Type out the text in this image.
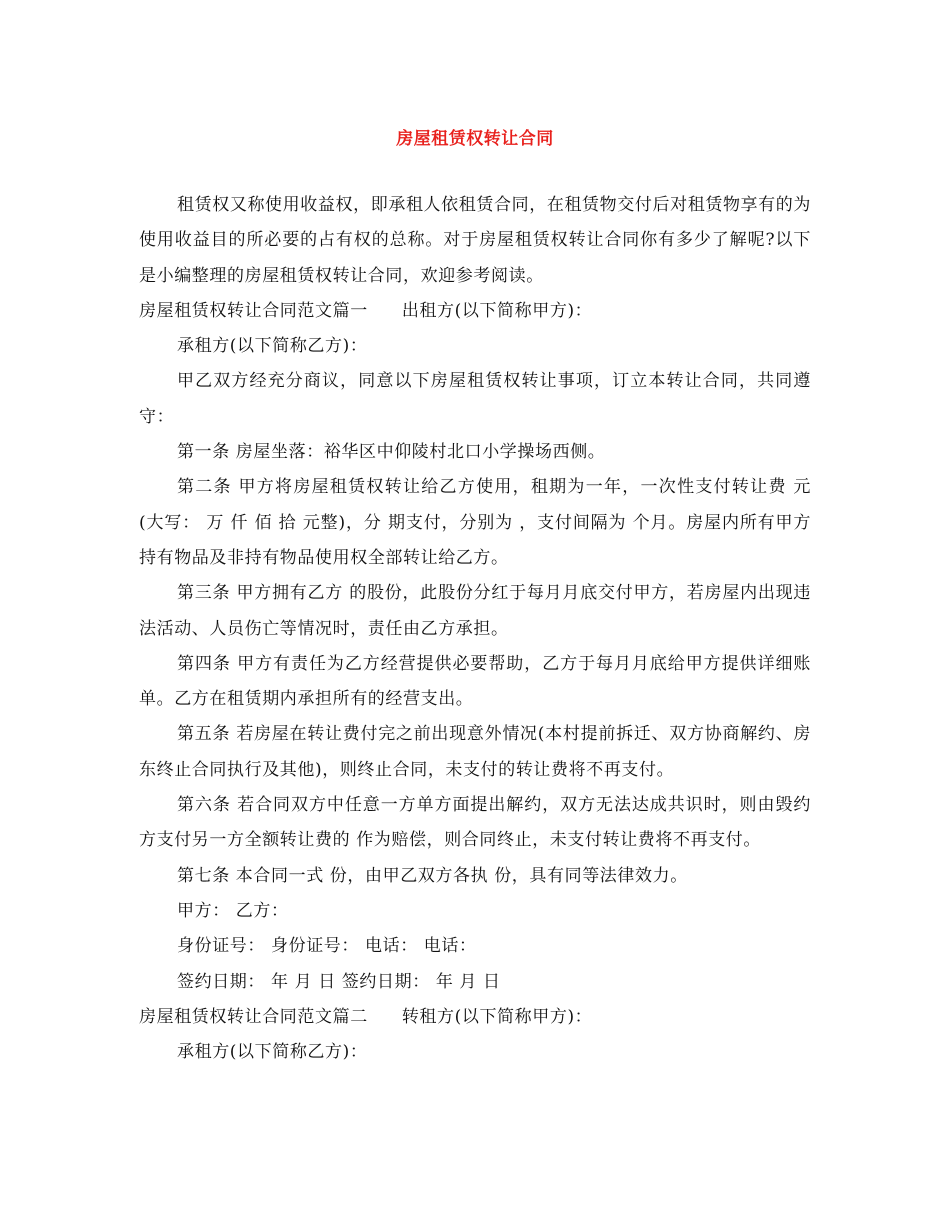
房屋租赁权转让合同

租赁权又称使用收益权，即承租人依租赁合同，在租赁物交付后对租赁物享有的为使用收益目的所必要的占有权的总称。对于房屋租赁权转让合同你有多少了解呢?以下是小编整理的房屋租赁权转让合同，欢迎参考阅读。

房屋租赁权转让合同范文篇一 出租方(以下简称甲方)：

承租方(以下简称乙方)：

甲乙双方经充分商议，同意以下房屋租赁权转让事项，订立本转让合同，共同遵守：

第一条 房屋坐落：裕华区中仰陵村北口小学操场西侧。

第二条 甲方将房屋租赁权转让给乙方使用，租期为一年，一次性支付转让费 元(大写： 万 仟 佰 拾 元整)，分 期支付，分别为 ，支付间隔为 个月。房屋内所有甲方持有物品及非持有物品使用权全部转让给乙方。

第三条 甲方拥有乙方 的股份，此股份分红于每月月底交付甲方，若房屋内出现违法活动、人员伤亡等情况时，责任由乙方承担。

第四条 甲方有责任为乙方经营提供必要帮助，乙方于每月月底给甲方提供详细账单。乙方在租赁期内承担所有的经营支出。

第五条 若房屋在转让费付完之前出现意外情况(本村提前拆迁、双方协商解约、房东终止合同执行及其他)，则终止合同，未支付的转让费将不再支付。

第六条 若合同双方中任意一方单方面提出解约，双方无法达成共识时，则由毁约方支付另一方全额转让费的 作为赔偿，则合同终止，未支付转让费将不再支付。

第七条 本合同一式 份，由甲乙双方各执 份，具有同等法律效力。

甲方： 乙方：

身份证号： 身份证号： 电话： 电话：

签约日期： 年 月 日 签约日期： 年 月 日

房屋租赁权转让合同范文篇二 转租方(以下简称甲方)：

承租方(以下简称乙方)：
